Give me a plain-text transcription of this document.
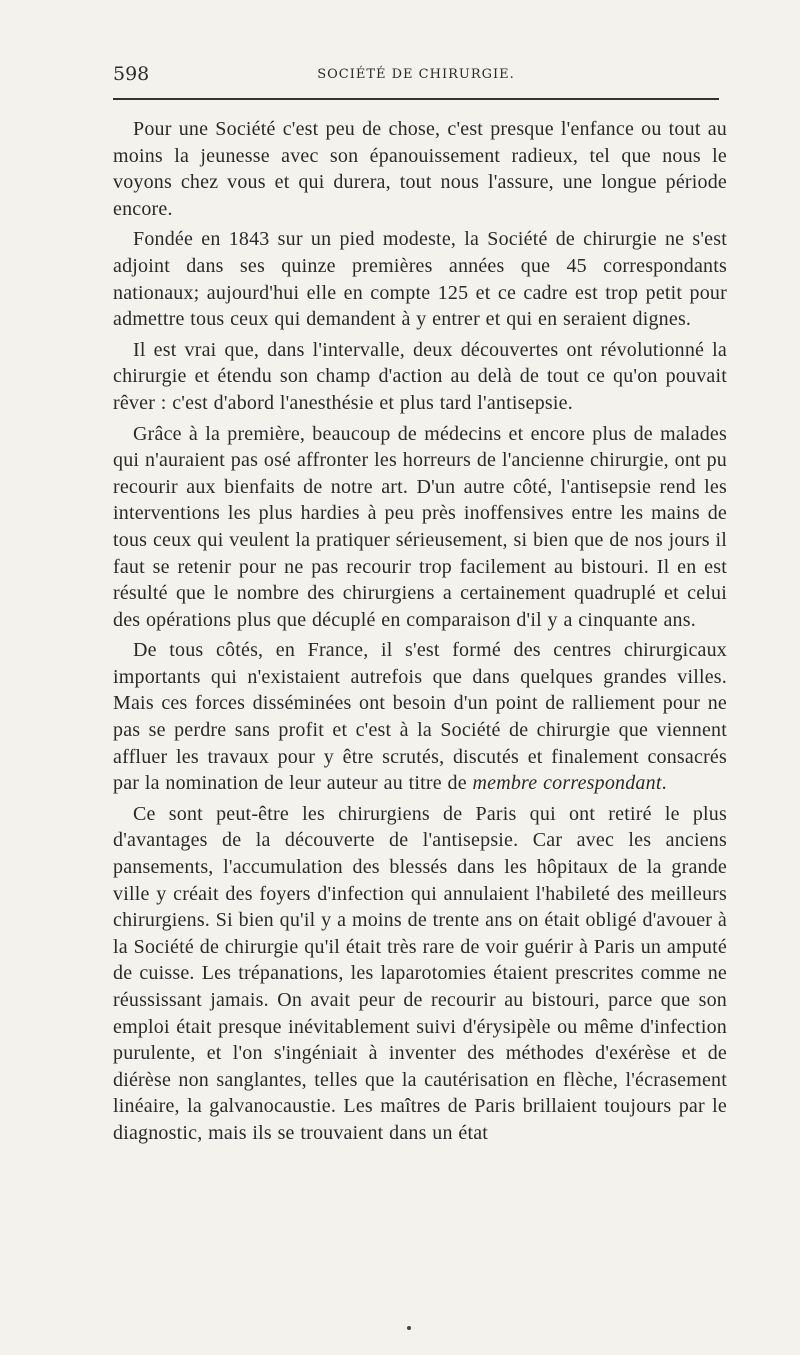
598	SOCIÉTÉ DE CHIRURGIE.

Pour une Société c'est peu de chose, c'est presque l'enfance ou tout au moins la jeunesse avec son épanouissement radieux, tel que nous le voyons chez vous et qui durera, tout nous l'assure, une longue période encore.

Fondée en 1843 sur un pied modeste, la Société de chirurgie ne s'est adjoint dans ses quinze premières années que 45 correspondants nationaux; aujourd'hui elle en compte 125 et ce cadre est trop petit pour admettre tous ceux qui demandent à y entrer et qui en seraient dignes.

Il est vrai que, dans l'intervalle, deux découvertes ont révolutionné la chirurgie et étendu son champ d'action au delà de tout ce qu'on pouvait rêver : c'est d'abord l'anesthésie et plus tard l'antisepsie.

Grâce à la première, beaucoup de médecins et encore plus de malades qui n'auraient pas osé affronter les horreurs de l'ancienne chirurgie, ont pu recourir aux bienfaits de notre art. D'un autre côté, l'antisepsie rend les interventions les plus hardies à peu près inoffensives entre les mains de tous ceux qui veulent la pratiquer sérieusement, si bien que de nos jours il faut se retenir pour ne pas recourir trop facilement au bistouri. Il en est résulté que le nombre des chirurgiens a certainement quadruplé et celui des opérations plus que décuplé en comparaison d'il y a cinquante ans.

De tous côtés, en France, il s'est formé des centres chirurgicaux importants qui n'existaient autrefois que dans quelques grandes villes. Mais ces forces disséminées ont besoin d'un point de ralliement pour ne pas se perdre sans profit et c'est à la Société de chirurgie que viennent affluer les travaux pour y être scrutés, discutés et finalement consacrés par la nomination de leur auteur au titre de membre correspondant.

Ce sont peut-être les chirurgiens de Paris qui ont retiré le plus d'avantages de la découverte de l'antisepsie. Car avec les anciens pansements, l'accumulation des blessés dans les hôpitaux de la grande ville y créait des foyers d'infection qui annulaient l'habileté des meilleurs chirurgiens. Si bien qu'il y a moins de trente ans on était obligé d'avouer à la Société de chirurgie qu'il était très rare de voir guérir à Paris un amputé de cuisse. Les trépanations, les laparotomies étaient prescrites comme ne réussissant jamais. On avait peur de recourir au bistouri, parce que son emploi était presque inévitablement suivi d'érysipèle ou même d'infection purulente, et l'on s'ingéniait à inventer des méthodes d'exérèse et de diérèse non sanglantes, telles que la cautérisation en flèche, l'écrasement linéaire, la galvanocaustie. Les maîtres de Paris brillaient toujours par le diagnostic, mais ils se trouvaient dans un état
